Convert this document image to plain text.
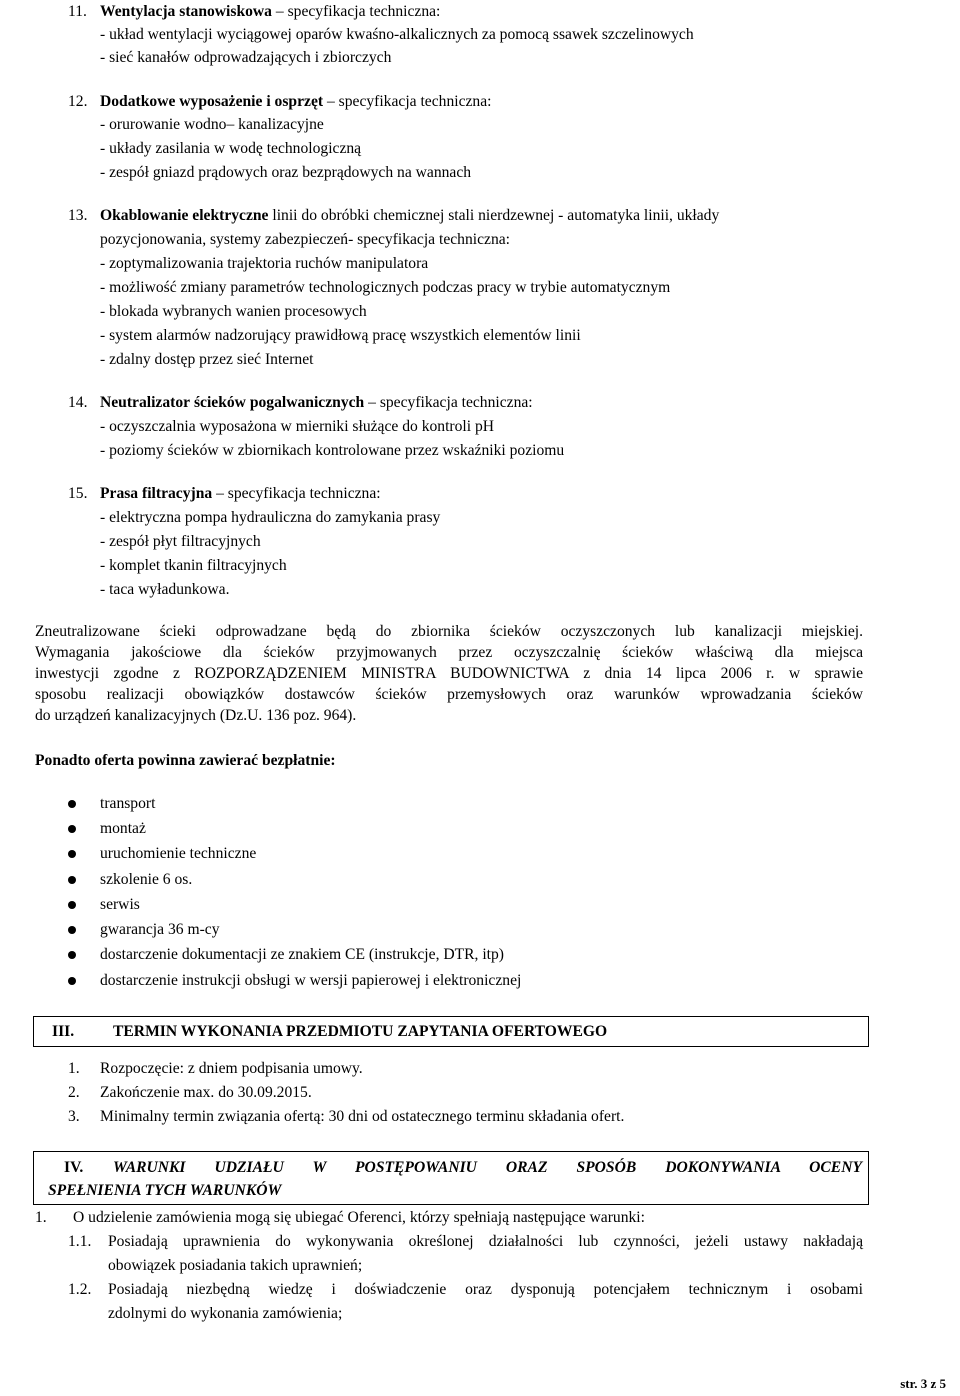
11. Wentylacja stanowiskowa – specyfikacja techniczna:
- układ wentylacji wyciągowej oparów kwaśno-alkalicznych za pomocą ssawek szczelinowych
- sieć kanałów odprowadzających i zbiorczych
12. Dodatkowe wyposażenie i osprzęt – specyfikacja techniczna:
- orurowanie wodno– kanalizacyjne
- układy zasilania w wodę technologiczną
- zespół gniazd prądowych oraz bezprądowych na wannach
13. Okablowanie elektryczne linii do obróbki chemicznej stali nierdzewnej - automatyka linii, układy
pozycjonowania, systemy zabezpieczeń- specyfikacja techniczna:
- zoptymalizowania trajektoria ruchów manipulatora
- możliwość zmiany parametrów technologicznych podczas pracy w trybie automatycznym
- blokada wybranych wanien procesowych
- system alarmów nadzorujący prawidłową pracę wszystkich elementów linii
- zdalny dostęp przez sieć Internet
14. Neutralizator ścieków pogalwanicznych – specyfikacja techniczna:
- oczyszczalnia wyposażona w mierniki służące do kontroli pH
- poziomy ścieków w zbiornikach kontrolowane przez wskaźniki poziomu
15. Prasa filtracyjna – specyfikacja techniczna:
- elektryczna pompa hydrauliczna do zamykania prasy
- zespół płyt filtracyjnych
- komplet tkanin filtracyjnych
- taca wyładunkowa.
Zneutralizowane ścieki odprowadzane będą do zbiornika ścieków oczyszczonych lub kanalizacji miejskiej.
Wymagania jakościowe dla ścieków przyjmowanych przez oczyszczalnię ścieków właściwą dla miejsca
inwestycji zgodne z ROZPORZĄDZENIEM MINISTRA BUDOWNICTWA z dnia 14 lipca 2006 r. w sprawie
sposobu realizacji obowiązków dostawców ścieków przemysłowych oraz warunków wprowadzania ścieków
do urządzeń kanalizacyjnych (Dz.U. 136 poz. 964).
Ponadto oferta powinna zawierać bezpłatnie:
transport
montaż
uruchomienie techniczne
szkolenie 6 os.
serwis
gwarancja 36 m-cy
dostarczenie dokumentacji ze znakiem CE (instrukcje, DTR, itp)
dostarczenie instrukcji obsługi w wersji papierowej i elektronicznej
III. TERMIN WYKONANIA PRZEDMIOTU ZAPYTANIA OFERTOWEGO
1. Rozpoczęcie: z dniem podpisania umowy.
2. Zakończenie max. do 30.09.2015.
3. Minimalny termin związania ofertą: 30 dni od ostatecznego terminu składania ofert.
IV. WARUNKI UDZIAŁU W POSTĘPOWANIU ORAZ SPOSÓB DOKONYWANIA OCENY
SPEŁNIENIA TYCH WARUNKÓW
1. O udzielenie zamówienia mogą się ubiegać Oferenci, którzy spełniają następujące warunki:
1.1. Posiadają uprawnienia do wykonywania określonej działalności lub czynności, jeżeli ustawy nakładają
obowiązek posiadania takich uprawnień;
1.2. Posiadają niezbędną wiedzę i doświadczenie oraz dysponują potencjałem technicznym i osobami
zdolnymi do wykonania zamówienia;
str. 3 z 5
